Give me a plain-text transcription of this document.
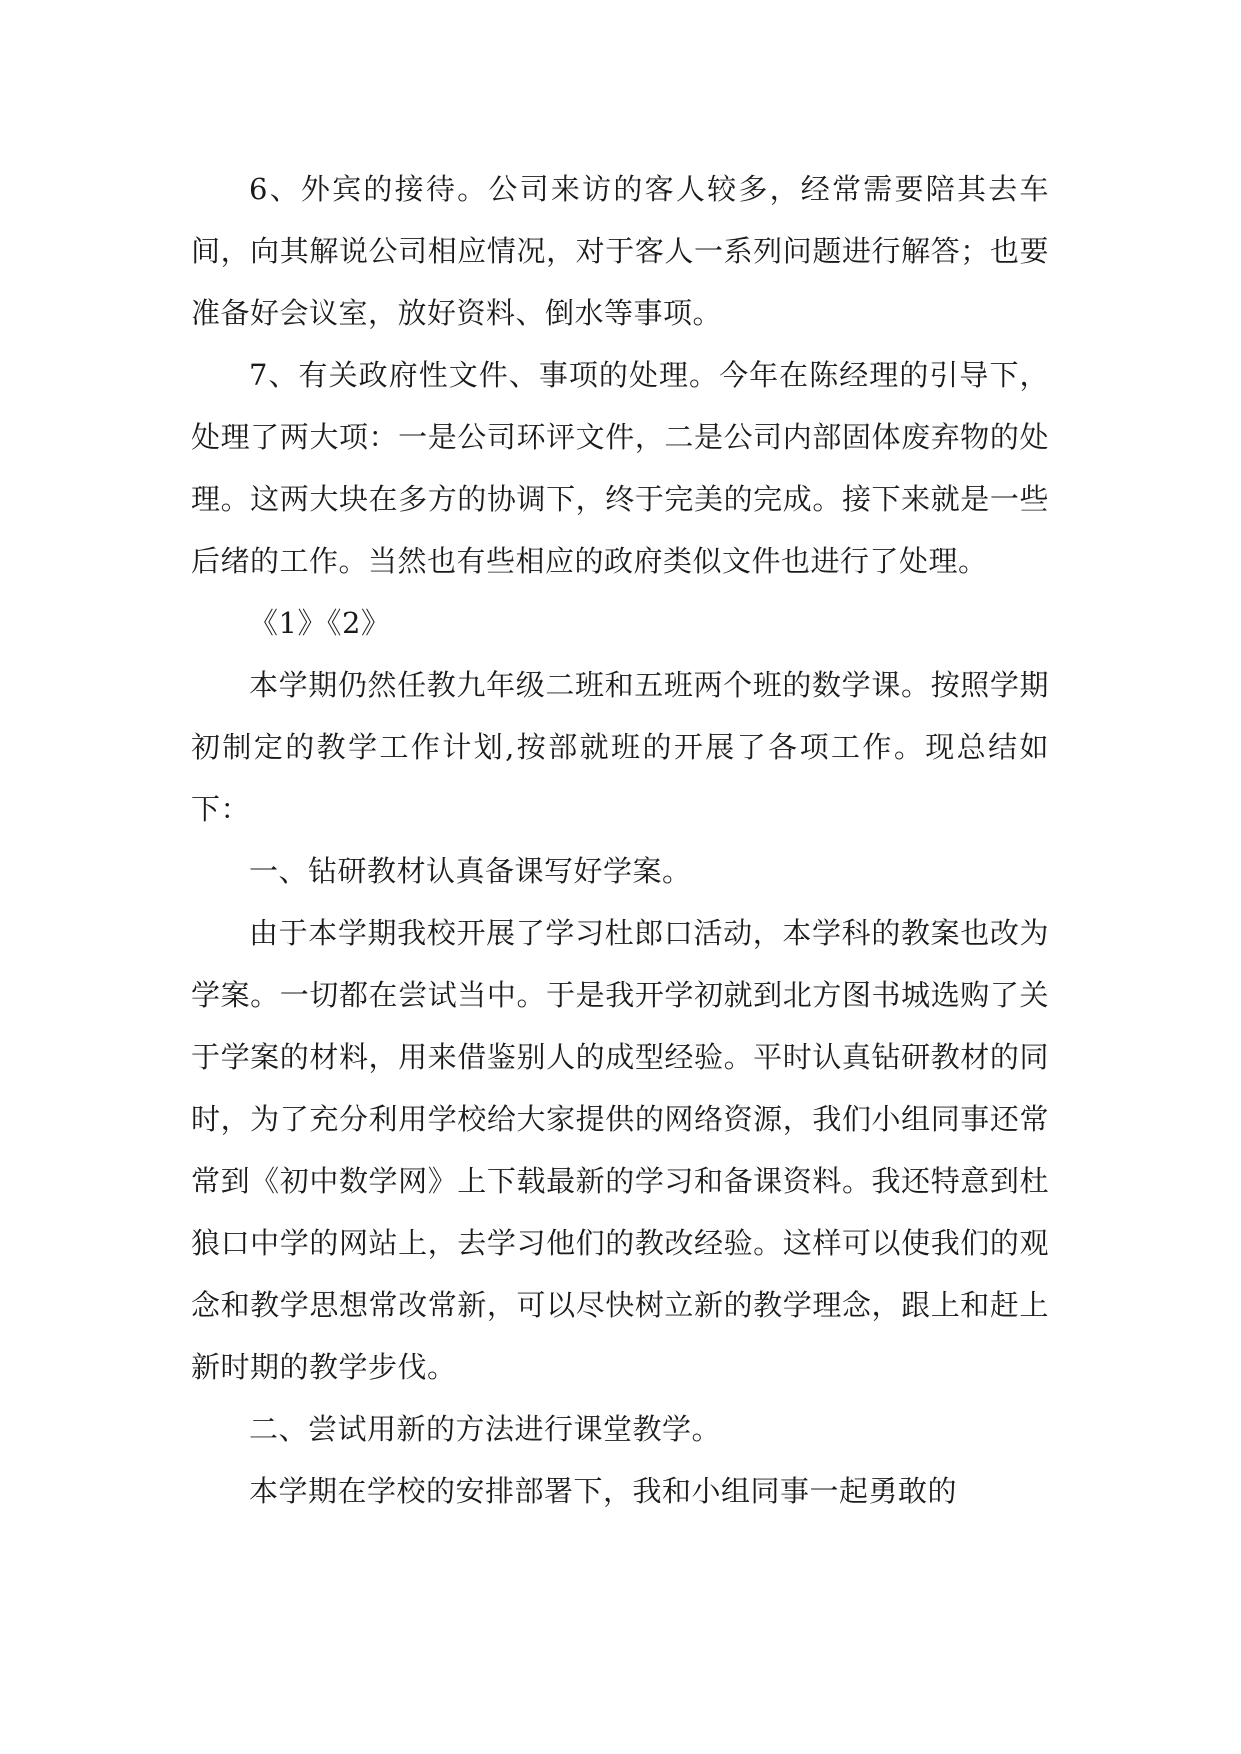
6、外宾的接待。公司来访的客人较多，经常需要陪其去车间，向其解说公司相应情况，对于客人一系列问题进行解答；也要准备好会议室，放好资料、倒水等事项。

7、有关政府性文件、事项的处理。今年在陈经理的引导下，处理了两大项：一是公司环评文件，二是公司内部固体废弃物的处理。这两大块在多方的协调下，终于完美的完成。接下来就是一些后绪的工作。当然也有些相应的政府类似文件也进行了处理。

《1》《2》

本学期仍然任教九年级二班和五班两个班的数学课。按照学期初制定的教学工作计划,按部就班的开展了各项工作。现总结如下：

一、钻研教材认真备课写好学案。

由于本学期我校开展了学习杜郎口活动，本学科的教案也改为学案。一切都在尝试当中。于是我开学初就到北方图书城选购了关于学案的材料，用来借鉴别人的成型经验。平时认真钻研教材的同时，为了充分利用学校给大家提供的网络资源，我们小组同事还常常到《初中数学网》上下载最新的学习和备课资料。我还特意到杜狼口中学的网站上，去学习他们的教改经验。这样可以使我们的观念和教学思想常改常新，可以尽快树立新的教学理念，跟上和赶上新时期的教学步伐。

二、尝试用新的方法进行课堂教学。

本学期在学校的安排部署下，我和小组同事一起勇敢的
